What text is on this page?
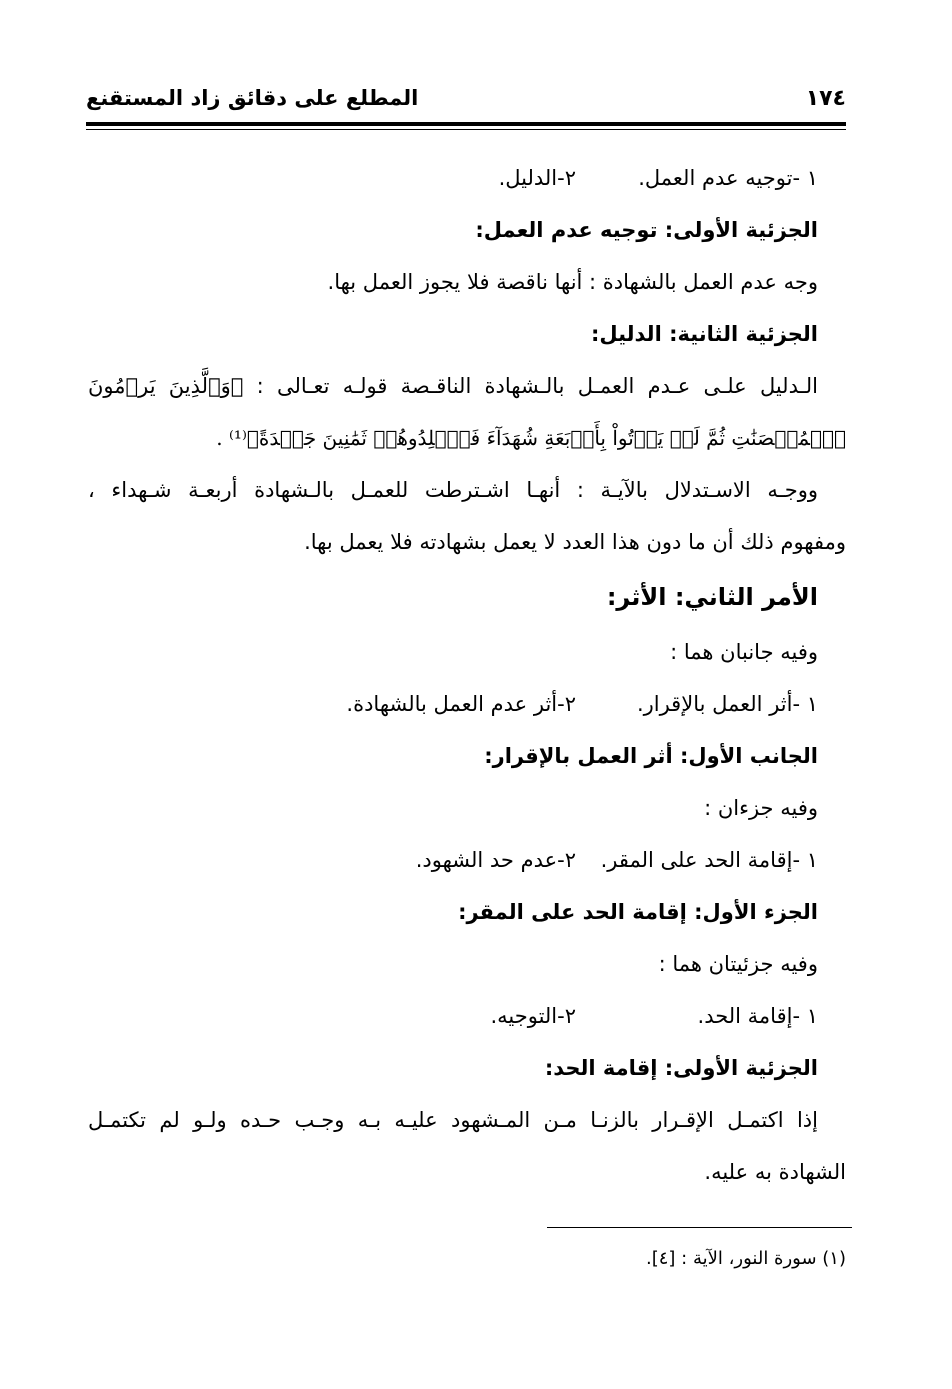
١٧٤
المطلع على دقائق زاد المستقنع
١ -توجيه عدم العمل.
٢-الدليل.
الجزئية الأولى: توجيه عدم العمل:
وجه عدم العمل بالشهادة : أنها ناقصة فلا يجوز العمل بها.
الجزئية الثانية: الدليل:
الـدليل علـى عـدم العمـل بالـشهادة الناقـصة قولـه تعـالى : ﴿وَٱلَّذِينَ يَرۡمُونَ
ٱلۡمُحۡصَنَٰتِ ثُمَّ لَمۡ يَأۡتُواْ بِأَرۡبَعَةِ شُهَدَآءَ فَٱجۡلِدُوهُمۡ ثَمَٰنِينَ جَلۡدَةً﴾⁽¹⁾ .
ووجـه الاسـتدلال بالآيـة : أنهـا اشـترطت للعمـل بالـشهادة أربعـة شـهداء ،
ومفهوم ذلك أن ما دون هذا العدد لا يعمل بشهادته فلا يعمل بها.
الأمر الثاني: الأثر:
وفيه جانبان هما :
١ -أثر العمل بالإقرار.
٢-أثر عدم العمل بالشهادة.
الجانب الأول: أثر العمل بالإقرار:
وفيه جزءان :
١ -إقامة الحد على المقر.
٢-عدم حد الشهود.
الجزء الأول: إقامة الحد على المقر:
وفيه جزئيتان هما :
١ -إقامة الحد.
٢-التوجيه.
الجزئية الأولى: إقامة الحد:
إذا اكتمـل الإقـرار بالزنـا مـن المـشهود عليـه بـه وجـب حـده ولـو لم تكتمـل
الشهادة به عليه.
(١) سورة النور، الآية : [٤].
